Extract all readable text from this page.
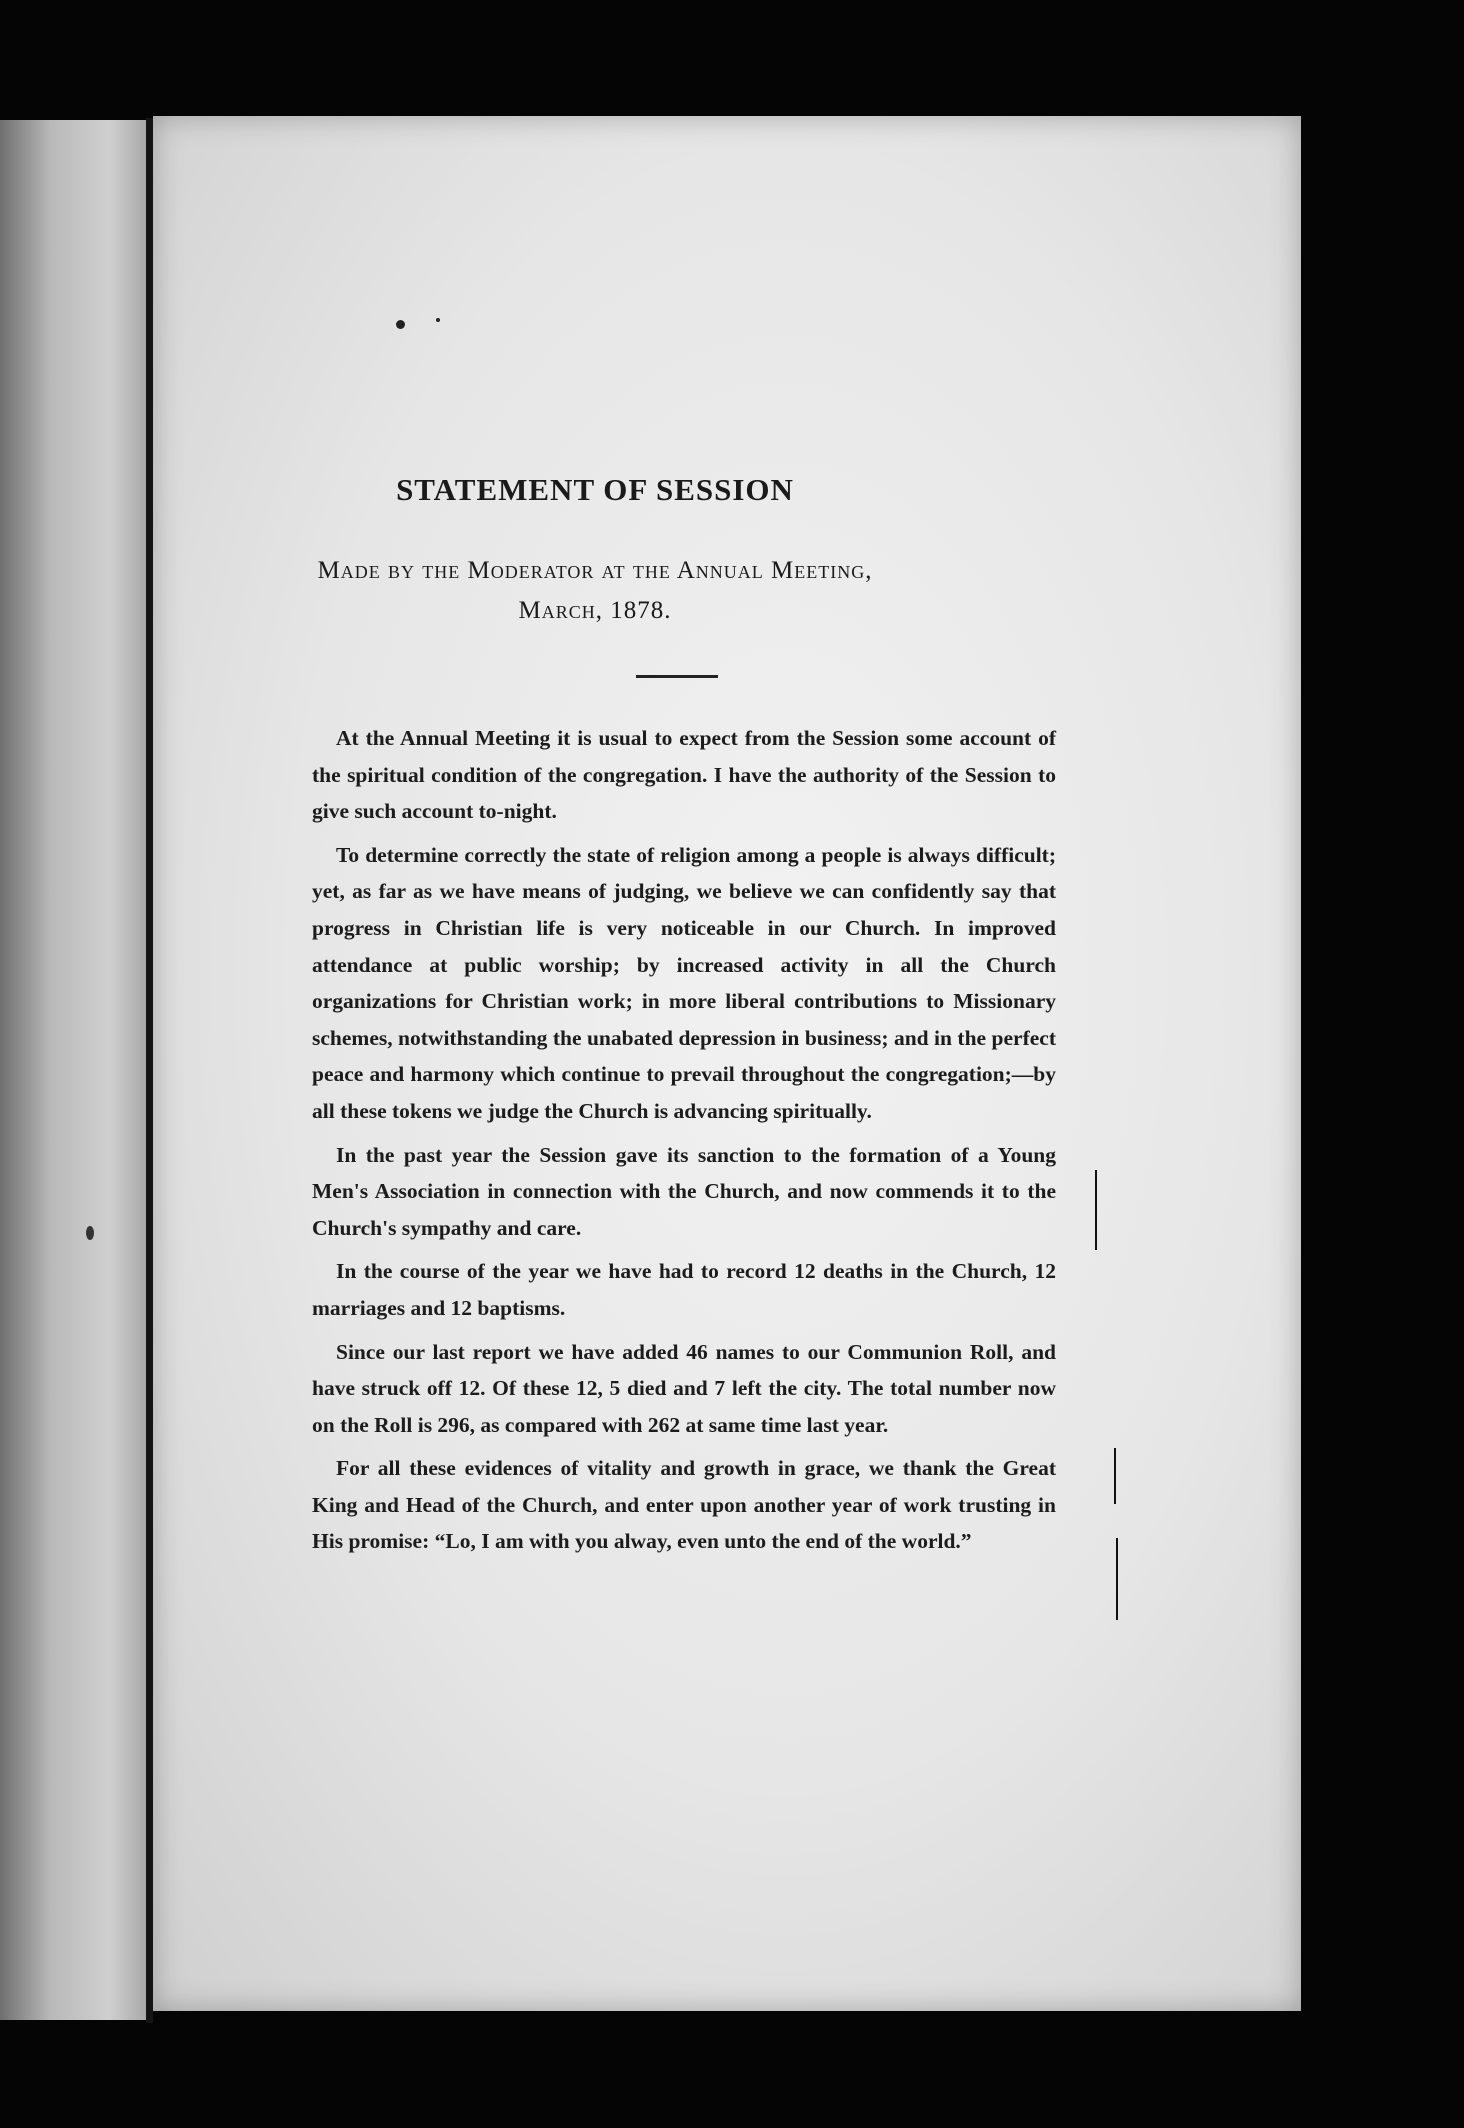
STATEMENT OF SESSION
Made by the Moderator at the Annual Meeting,
March, 1878.

At the Annual Meeting it is usual to expect from the Session some account of the spiritual condition of the congregation. I have the authority of the Session to give such account to-night.

To determine correctly the state of religion among a people is always difficult; yet, as far as we have means of judging, we believe we can confidently say that progress in Christian life is very noticeable in our Church. In improved attendance at public worship; by increased activity in all the Church organizations for Christian work; in more liberal contributions to Missionary schemes, notwithstanding the unabated depression in business; and in the perfect peace and harmony which continue to prevail throughout the congregation;—by all these tokens we judge the Church is advancing spiritually.

In the past year the Session gave its sanction to the formation of a Young Men's Association in connection with the Church, and now commends it to the Church's sympathy and care.

In the course of the year we have had to record 12 deaths in the Church, 12 marriages and 12 baptisms.

Since our last report we have added 46 names to our Communion Roll, and have struck off 12. Of these 12, 5 died and 7 left the city. The total number now on the Roll is 296, as compared with 262 at same time last year.

For all these evidences of vitality and growth in grace, we thank the Great King and Head of the Church, and enter upon another year of work trusting in His promise: “Lo, I am with you alway, even unto the end of the world.”
